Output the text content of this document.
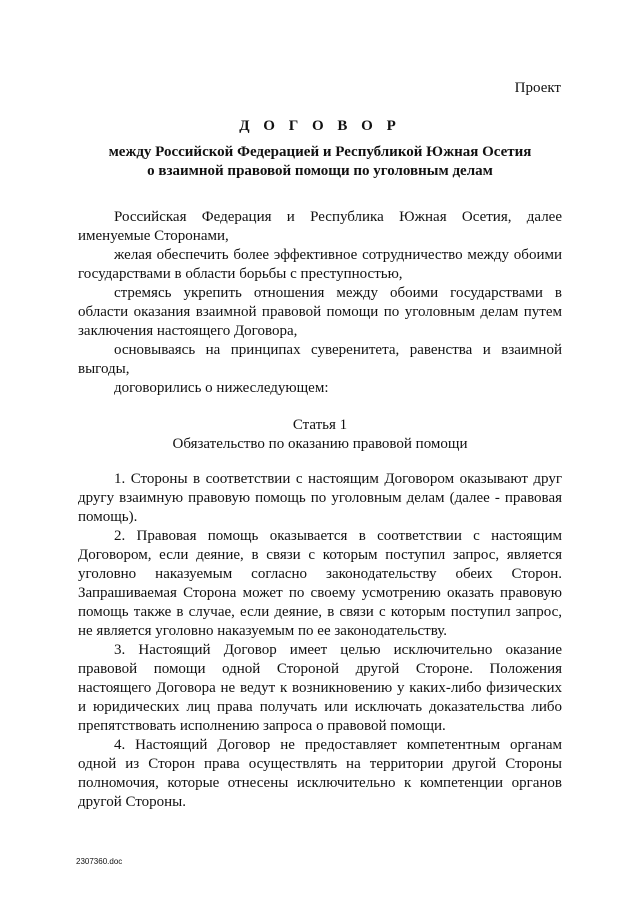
Проект
Д О Г О В О Р
между Российской Федерацией и Республикой Южная Осетия
о взаимной правовой помощи по уголовным делам

Российская Федерация и Республика Южная Осетия, далее именуемые Сторонами,

желая обеспечить более эффективное сотрудничество между обоими государствами в области борьбы с преступностью,

стремясь укрепить отношения между обоими государствами в области оказания взаимной правовой помощи по уголовным делам путем заключения настоящего Договора,

основываясь на принципах суверенитета, равенства и взаимной выгоды,

договорились о нижеследующем:

Статья 1
Обязательство по оказанию правовой помощи

1. Стороны в соответствии с настоящим Договором оказывают друг другу взаимную правовую помощь по уголовным делам (далее - правовая помощь).

2. Правовая помощь оказывается в соответствии с настоящим Договором, если деяние, в связи с которым поступил запрос, является уголовно наказуемым согласно законодательству обеих Сторон. Запрашиваемая Сторона может по своему усмотрению оказать правовую помощь также в случае, если деяние, в связи с которым поступил запрос, не является уголовно наказуемым по ее законодательству.

3. Настоящий Договор имеет целью исключительно оказание правовой помощи одной Стороной другой Стороне. Положения настоящего Договора не ведут к возникновению у каких-либо физических и юридических лиц права получать или исключать доказательства либо препятствовать исполнению запроса о правовой помощи.

4. Настоящий Договор не предоставляет компетентным органам одной из Сторон права осуществлять на территории другой Стороны полномочия, которые отнесены исключительно к компетенции органов другой Стороны.

2307360.doc
